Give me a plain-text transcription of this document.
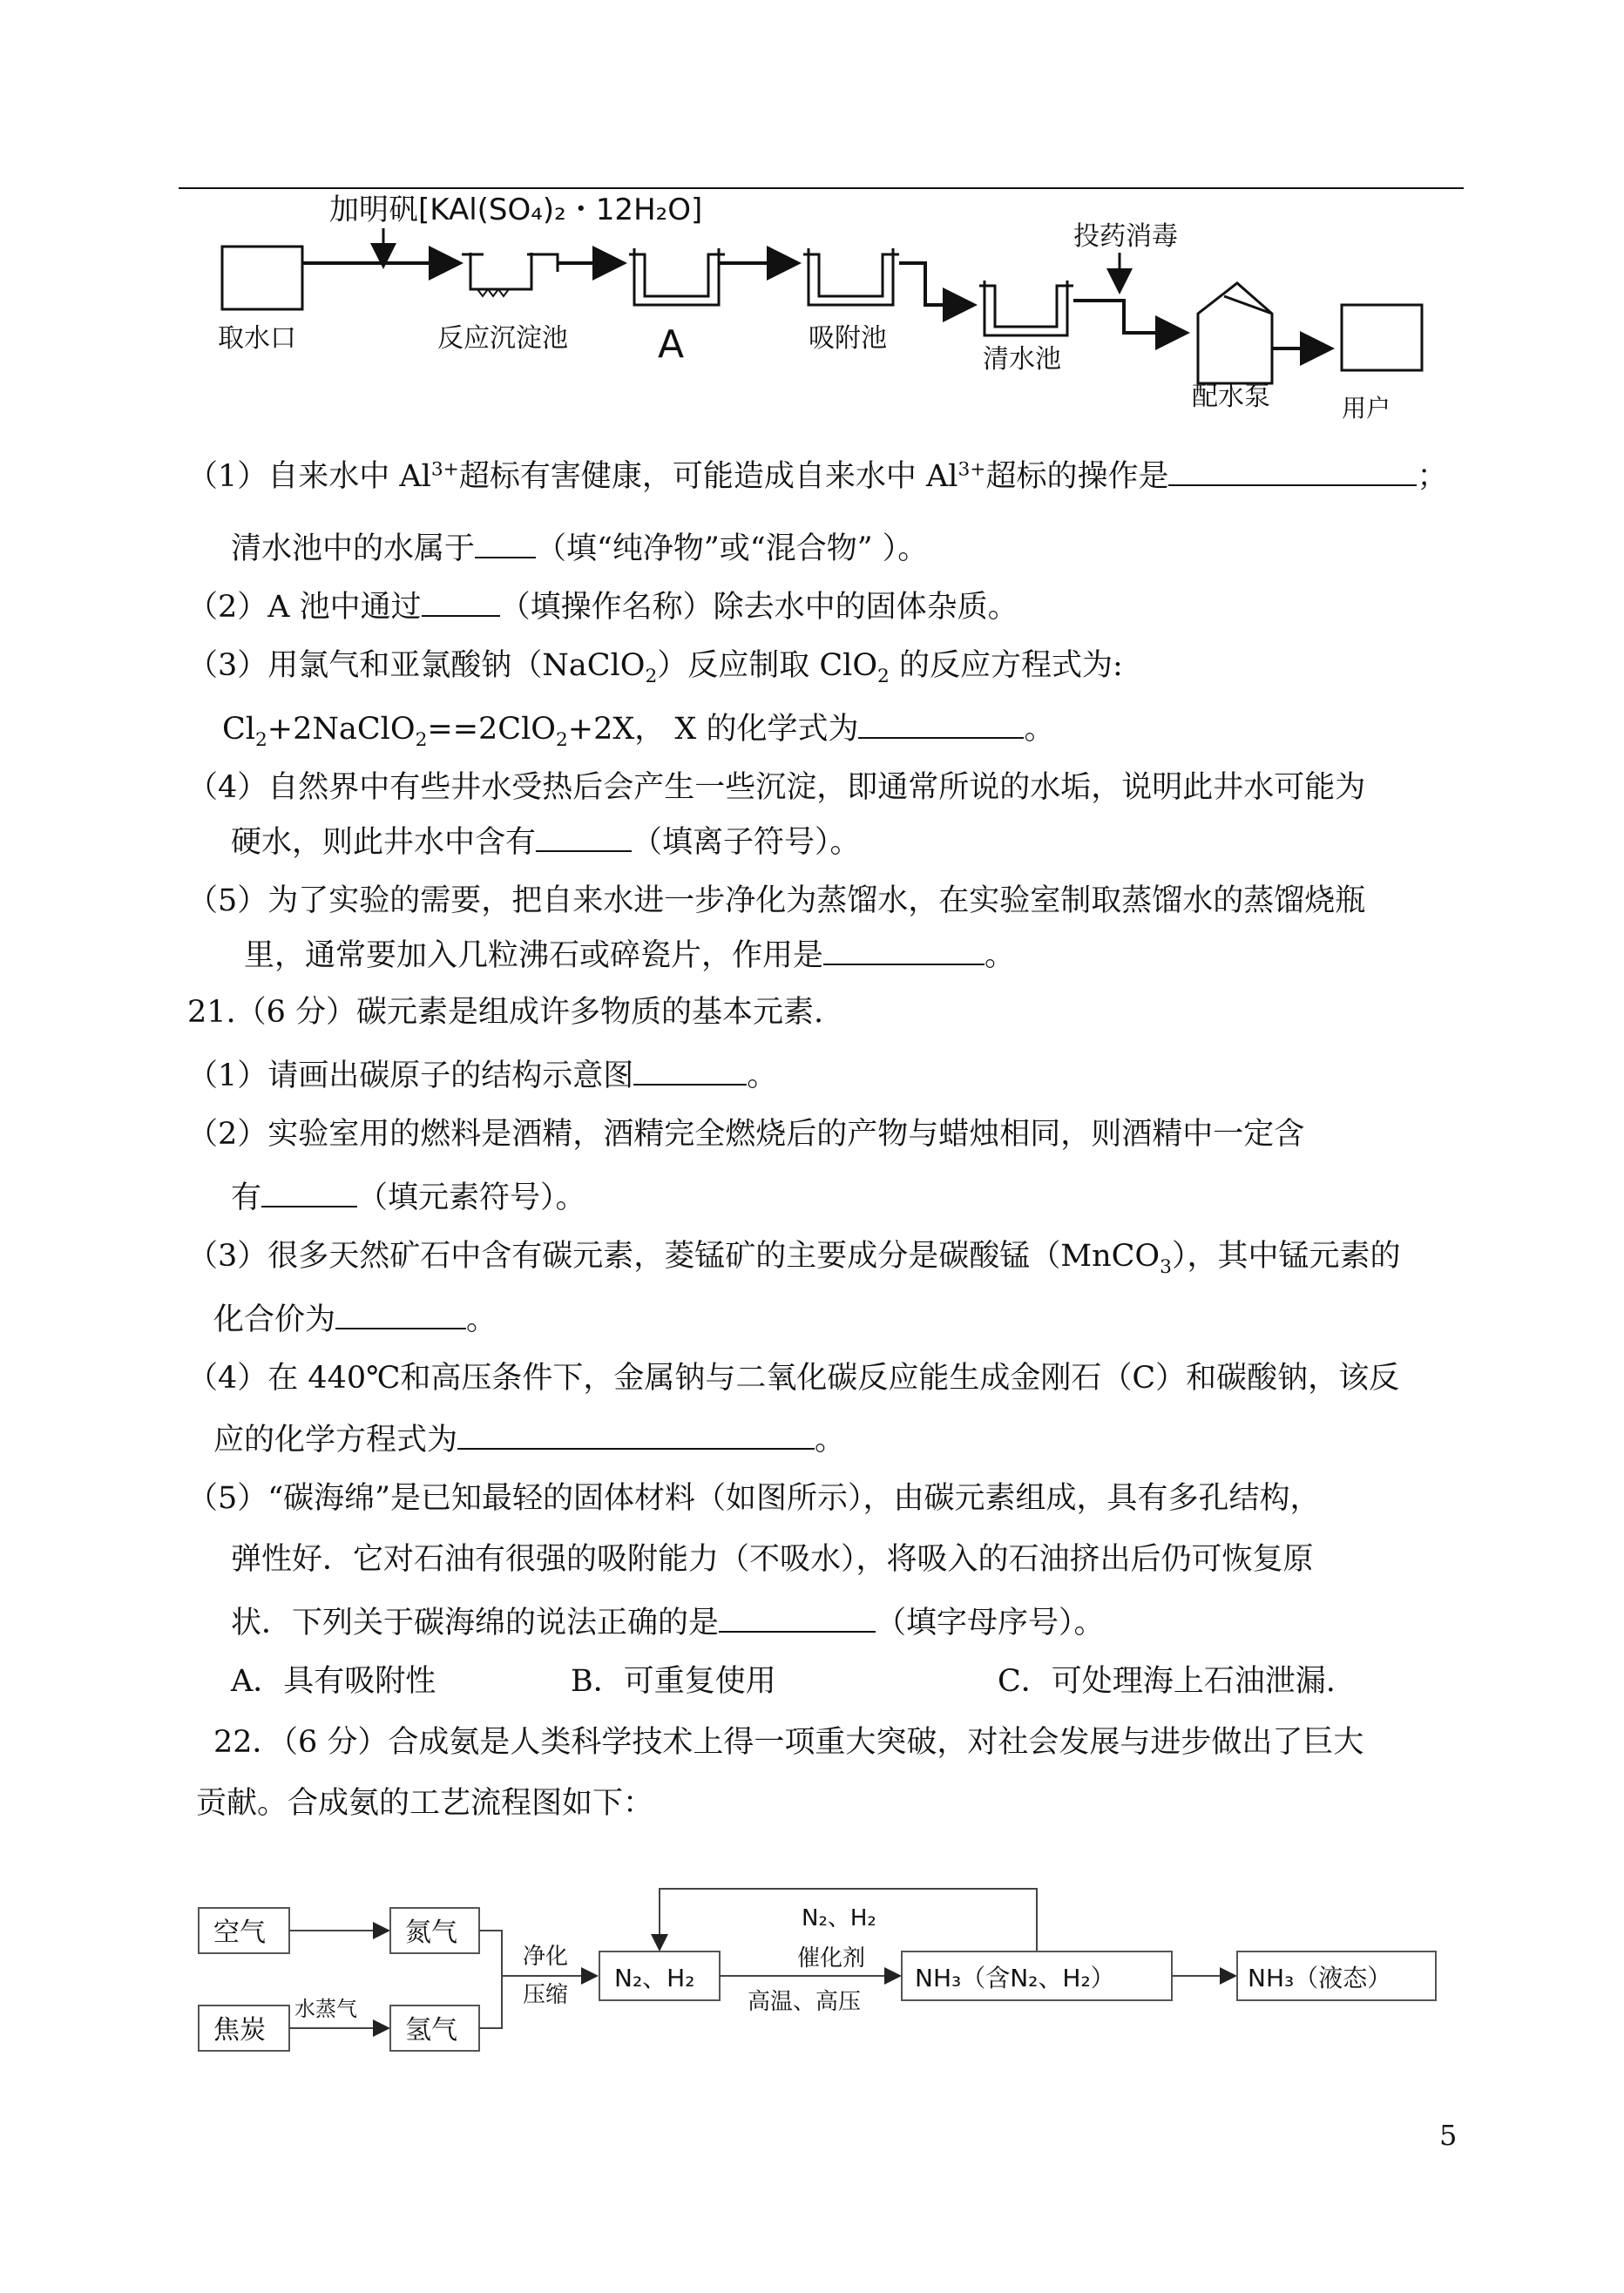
加明矾[KAl(SO₄)₂・12H₂O]
取水口	反应沉淀池 A	吸附池
清水池
投药消毒
配水泵	用户
（1）自来水中 $Al^{3+}$超标有害健康，可能造成自来水中 $Al^{3+}$超标的操作是	；
清水池中的水属于 （填“纯净物”或“混合物” ）。
（2）A 池中通过	（填操作名称）除去水中的固体杂质。
（3）用氯气和亚氯酸钠（NaClO$_2$）反应制取 ClO$_2$ 的反应方程式为:
$Cl_2+2NaClO_2==2ClO_2+2X$， X 的化学式为	。
（4）自然界中有些井水受热后会产生一些沉淀，即通常所说的水垢，说明此井水可能为
硬水，则此井水中含有	（填离子符号）。
（5）为了实验的需要，把自来水进一步净化为蒸馏水，在实验室制取蒸馏水的蒸馏烧瓶
里，通常要加入几粒沸石或碎瓷片，作用是	。
21.（6 分）碳元素是组成许多物质的基本元素.
（1）请画出碳原子的结构示意图	。
（2）实验室用的燃料是酒精，酒精完全燃烧后的产物与蜡烛相同，则酒精中一定含
有	（填元素符号）。
（3）很多天然矿石中含有碳元素，菱锰矿的主要成分是碳酸锰（MnCO$_3$），其中锰元素的
化合价为	。
（4）在 440℃和高压条件下，金属钠与二氧化碳反应能生成金刚石（C）和碳酸钠，该反
应的化学方程式为	。
（5）“碳海绵”是已知最轻的固体材料（如图所示），由碳元素组成，具有多孔结构，
弹性好．它对石油有很强的吸附能力（不吸水），将吸入的石油挤出后仍可恢复原
状．下列关于碳海绵的说法正确的是	（填字母序号）。
A．具有吸附性	B．可重复使用	C．可处理海上石油泄漏.
22．（6 分）合成氨是人类科学技术上得一项重大突破，对社会发展与进步做出了巨大
贡献。合成氨的工艺流程图如下：
空气	氮气
焦炭
水蒸气
氢气
净化
压缩
N₂、H₂
N₂、H₂
催化剂
高温、高压
NH₃（含N₂、H₂）	NH₃（液态）
5
